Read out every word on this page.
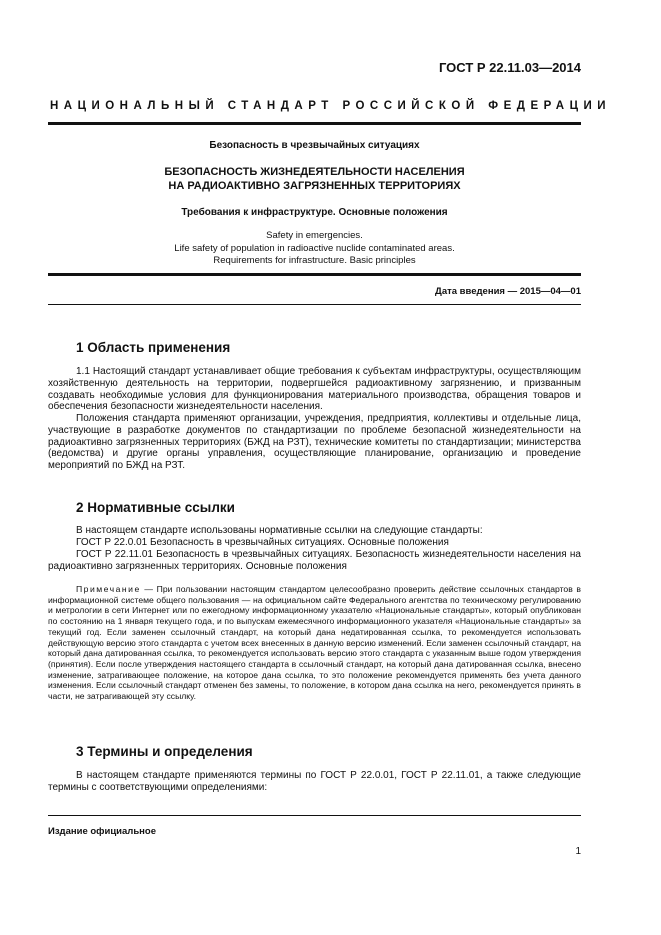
ГОСТ Р 22.11.03—2014
НАЦИОНАЛЬНЫЙ СТАНДАРТ РОССИЙСКОЙ ФЕДЕРАЦИИ
Безопасность в чрезвычайных ситуациях
БЕЗОПАСНОСТЬ ЖИЗНЕДЕЯТЕЛЬНОСТИ НАСЕЛЕНИЯ
НА РАДИОАКТИВНО ЗАГРЯЗНЕННЫХ ТЕРРИТОРИЯХ
Требования к инфраструктуре. Основные положения
Safety in emergencies.
Life safety of population in radioactive nuclide contaminated areas.
Requirements for infrastructure. Basic principles
Дата введения — 2015—04—01
1 Область применения
1.1 Настоящий стандарт устанавливает общие требования к субъектам инфраструктуры, осуществляющим хозяйственную деятельность на территории, подвергшейся радиоактивному загрязнению, и призванным создавать необходимые условия для функционирования материального производства, обращения товаров и обеспечения безопасности жизнедеятельности населения.
Положения стандарта применяют организации, учреждения, предприятия, коллективы и отдельные лица, участвующие в разработке документов по стандартизации по проблеме безопасной жизнедеятельности на радиоактивно загрязненных территориях (БЖД на РЗТ), технические комитеты по стандартизации; министерства (ведомства) и другие органы управления, осуществляющие планирование, организацию и проведение мероприятий по БЖД на РЗТ.
2 Нормативные ссылки
В настоящем стандарте использованы нормативные ссылки на следующие стандарты:
ГОСТ Р 22.0.01 Безопасность в чрезвычайных ситуациях. Основные положения
ГОСТ Р 22.11.01 Безопасность в чрезвычайных ситуациях. Безопасность жизнедеятельности населения на радиоактивно загрязненных территориях. Основные положения
Примечание — При пользовании настоящим стандартом целесообразно проверить действие ссылочных стандартов в информационной системе общего пользования — на официальном сайте Федерального агентства по техническому регулированию и метрологии в сети Интернет или по ежегодному информационному указателю «Национальные стандарты», который опубликован по состоянию на 1 января текущего года, и по выпускам ежемесячного информационного указателя «Национальные стандарты» за текущий год. Если заменен ссылочный стандарт, на который дана недатированная ссылка, то рекомендуется использовать действующую версию этого стандарта с учетом всех внесенных в данную версию изменений. Если заменен ссылочный стандарт, на который дана датированная ссылка, то рекомендуется использовать версию этого стандарта с указанным выше годом утверждения (принятия). Если после утверждения настоящего стандарта в ссылочный стандарт, на который дана датированная ссылка, внесено изменение, затрагивающее положение, на которое дана ссылка, то это положение рекомендуется применять без учета данного изменения. Если ссылочный стандарт отменен без замены, то положение, в котором дана ссылка на него, рекомендуется принять в части, не затрагивающей эту ссылку.
3 Термины и определения
В настоящем стандарте применяются термины по ГОСТ Р 22.0.01, ГОСТ Р 22.11.01, а также следующие термины с соответствующими определениями:
Издание официальное
1
